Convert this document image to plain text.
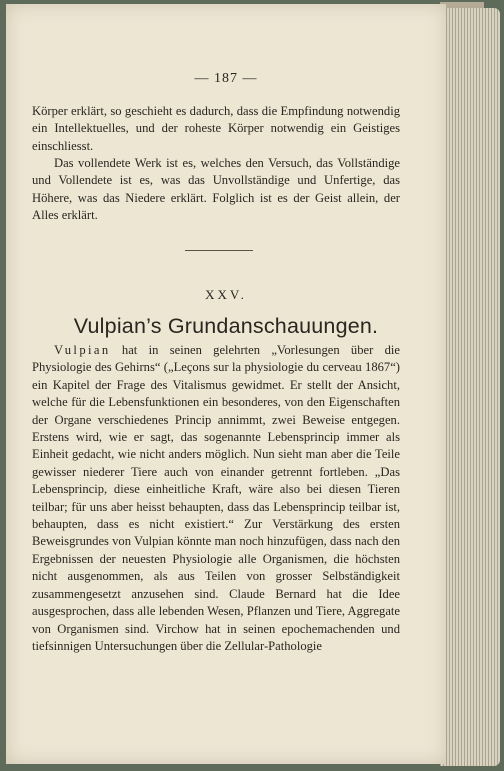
— 187 —

Körper erklärt, so geschieht es dadurch, dass die Empfindung notwendig ein Intellektuelles, und der roheste Körper notwendig ein Geistiges einschliesst.

Das vollendete Werk ist es, welches den Versuch, das Vollständige und Vollendete ist es, was das Unvollständige und Unfertige, das Höhere, was das Niedere erklärt. Folglich ist es der Geist allein, der Alles erklärt.

XXV.
Vulpian’s Grundanschauungen.

Vulpian hat in seinen gelehrten „Vorlesungen über die Physiologie des Gehirns“ („Leçons sur la physiologie du cerveau 1867“) ein Kapitel der Frage des Vitalismus gewidmet. Er stellt der Ansicht, welche für die Lebensfunktionen ein besonderes, von den Eigenschaften der Organe verschiedenes Princip annimmt, zwei Beweise entgegen. Erstens wird, wie er sagt, das sogenannte Lebensprincip immer als Einheit gedacht, wie nicht anders möglich. Nun sieht man aber die Teile gewisser niederer Tiere auch von einander getrennt fortleben. „Das Lebensprincip, diese einheitliche Kraft, wäre also bei diesen Tieren teilbar; für uns aber heisst behaupten, dass das Lebensprincip teilbar ist, behaupten, dass es nicht existiert.“ Zur Verstärkung des ersten Beweisgrundes von Vulpian könnte man noch hinzufügen, dass nach den Ergebnissen der neuesten Physiologie alle Organismen, die höchsten nicht ausgenommen, als aus Teilen von grosser Selbständigkeit zusammengesetzt anzusehen sind. Claude Bernard hat die Idee ausgesprochen, dass alle lebenden Wesen, Pflanzen und Tiere, Aggregate von Organismen sind. Virchow hat in seinen epochemachenden und tiefsinnigen Untersuchungen über die Zellular-Pathologie
